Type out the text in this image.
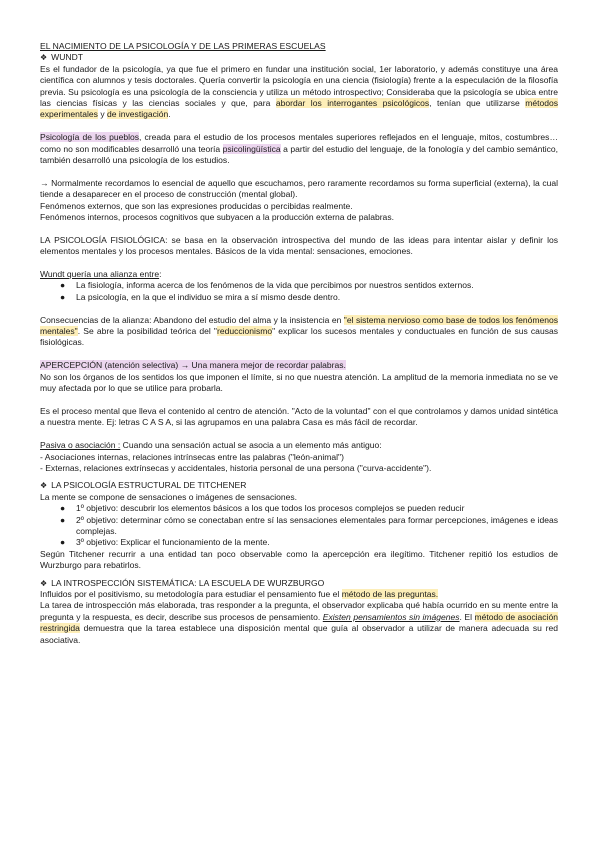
EL NACIMIENTO DE LA PSICOLOGÍA Y DE LAS PRIMERAS ESCUELAS
❖ WUNDT

Es el fundador de la psicología, ya que fue el primero en fundar una institución social, 1er laboratorio, y además constituye una área científica con alumnos y tesis doctorales. Quería convertir la psicología en una ciencia (fisiología) frente a la especulación de la filosofía previa. Su psicología es una psicología de la consciencia y utiliza un método introspectivo; Consideraba que la psicología se ubica entre las ciencias físicas y las ciencias sociales y que, para abordar los interrogantes psicológicos, tenían que utilizarse métodos experimentales y de investigación.

Psicología de los pueblos, creada para el estudio de los procesos mentales superiores reflejados en el lenguaje, mitos, costumbres… como no son modificables desarrolló una teoría psicolingüística a partir del estudio del lenguaje, de la fonología y del cambio semántico, también desarrolló una psicología de los estudios.

→ Normalmente recordamos lo esencial de aquello que escuchamos, pero raramente recordamos su forma superficial (externa), la cual tiende a desaparecer en el proceso de construcción (mental global).

Fenómenos externos, que son las expresiones producidas o percibidas realmente.

Fenómenos internos, procesos cognitivos que subyacen a la producción externa de palabras.

LA PSICOLOGÍA FISIOLÓGICA: se basa en la observación introspectiva del mundo de las ideas para intentar aislar y definir los elementos mentales y los procesos mentales. Básicos de la vida mental: sensaciones, emociones.

Wundt quería una alianza entre:
● La fisiología, informa acerca de los fenómenos de la vida que percibimos por nuestros sentidos externos.
● La psicología, en la que el individuo se mira a sí mismo desde dentro.

Consecuencias de la alianza: Abandono del estudio del alma y la insistencia en "el sistema nervioso como base de todos los fenómenos mentales". Se abre la posibilidad teórica del "reduccionismo" explicar los sucesos mentales y conductuales en función de sus causas fisiológicas.

APERCEPCIÓN (atención selectiva) → Una manera mejor de recordar palabras.

No son los órganos de los sentidos los que imponen el límite, si no que nuestra atención. La amplitud de la memoria inmediata no se ve muy afectada por lo que se utilice para probarla.

Es el proceso mental que lleva el contenido al centro de atención. "Acto de la voluntad" con el que controlamos y damos unidad sintética a nuestra mente. Ej: letras C A S A, si las agrupamos en una palabra Casa es más fácil de recordar.

Pasiva o asociación : Cuando una sensación actual se asocia a un elemento más antiguo:

- Asociaciones internas, relaciones intrínsecas entre las palabras ("león-animal")

- Externas, relaciones extrínsecas y accidentales, historia personal de una persona ("curva-accidente").

❖ LA PSICOLOGÍA ESTRUCTURAL DE TITCHENER

La mente se compone de sensaciones o imágenes de sensaciones.

● 1º objetivo: descubrir los elementos básicos a los que todos los procesos complejos se pueden reducir
● 2º objetivo: determinar cómo se conectaban entre sí las sensaciones elementales para formar percepciones, imágenes e ideas complejas.
● 3º objetivo: Explicar el funcionamiento de la mente.

Según Titchener recurrir a una entidad tan poco observable como la apercepción era ilegítimo. Titchener repitió los estudios de Wurzburgo para rebatirlos.

❖ LA INTROSPECCIÓN SISTEMÁTICA: LA ESCUELA DE WURZBURGO

Influidos por el positivismo, su metodología para estudiar el pensamiento fue el método de las preguntas.

La tarea de introspección más elaborada, tras responder a la pregunta, el observador explicaba qué había ocurrido en su mente entre la pregunta y la respuesta, es decir, describe sus procesos de pensamiento. Existen pensamientos sin imágenes. El método de asociación restringida demuestra que la tarea establece una disposición mental que guía al observador a utilizar de manera adecuada su red asociativa.
